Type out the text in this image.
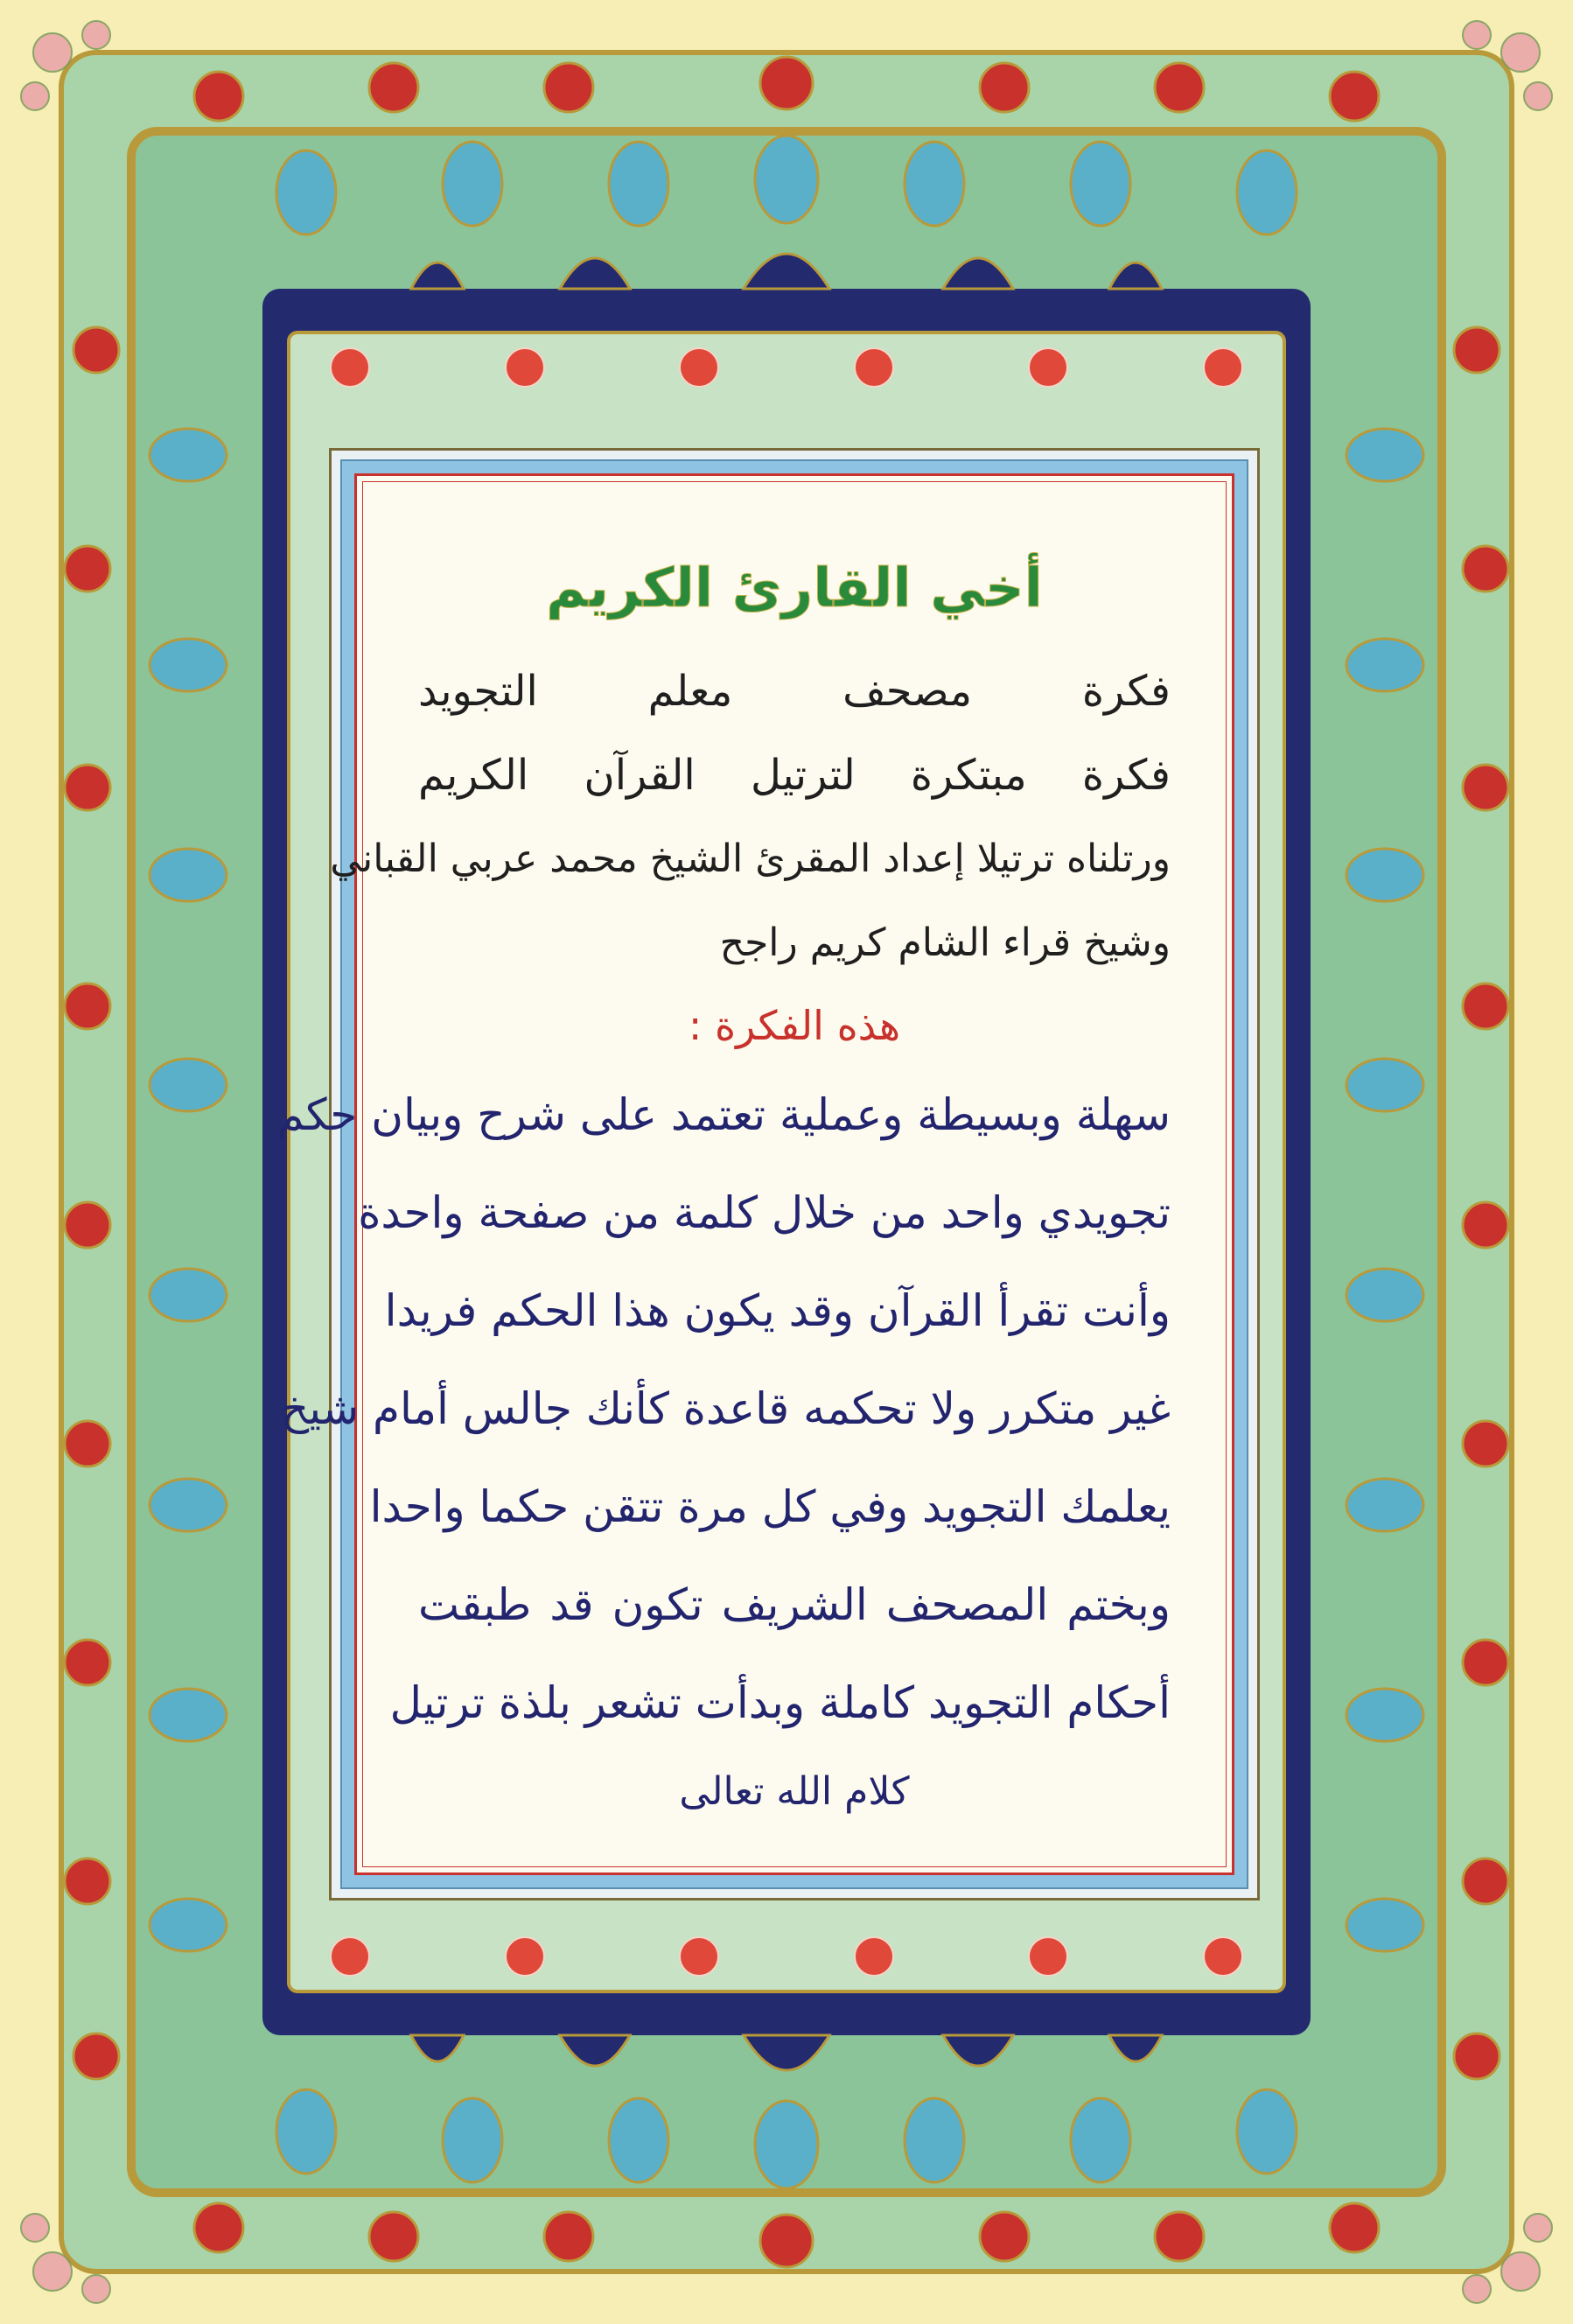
أخي القارئ الكريم
فكرة مصحف معلم التجويد
فكرة مبتكرة لترتيل القرآن الكريم
ورتلناه ترتيلا إعداد المقرئ الشيخ محمد عربي القباني
وشيخ قراء الشام كريم راجح
هذه الفكرة :
سهلة وبسيطة وعملية تعتمد على شرح وبيان حكم
تجويدي واحد من خلال كلمة من صفحة واحدة
وأنت تقرأ القرآن وقد يكون هذا الحكم فريدا
غير متكرر ولا تحكمه قاعدة كأنك جالس أمام شيخ
يعلمك التجويد وفي كل مرة تتقن حكما واحدا
وبختم المصحف الشريف تكون قد طبقت
أحكام التجويد كاملة وبدأت تشعر بلذة ترتيل
كلام الله تعالى
